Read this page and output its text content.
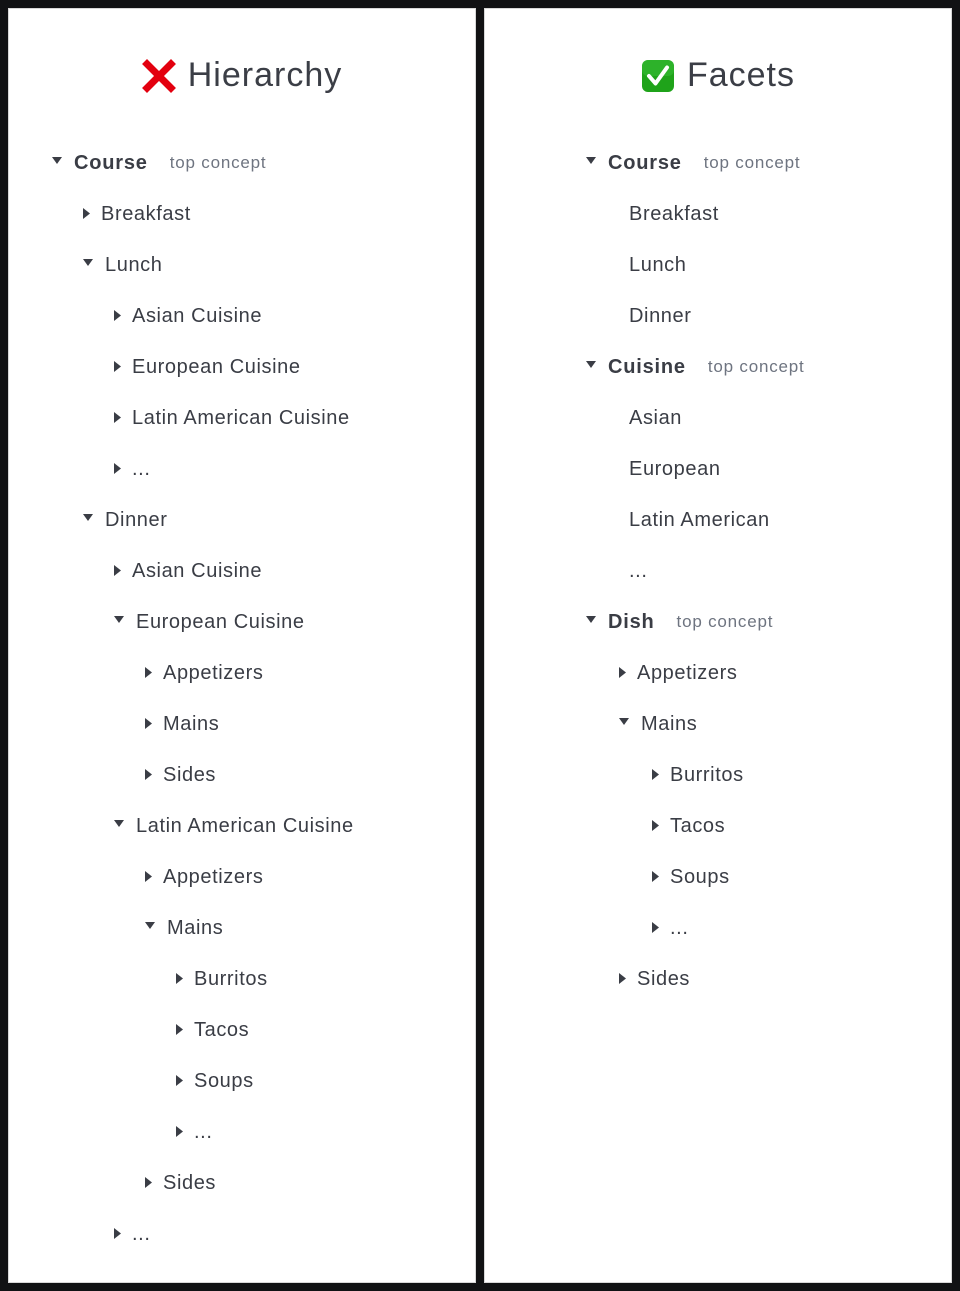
Hierarchy
Course top concept
Breakfast
Lunch
Asian Cuisine
European Cuisine
Latin American Cuisine
...
Dinner
Asian Cuisine
European Cuisine
Appetizers
Mains
Sides
Latin American Cuisine
Appetizers
Mains
Burritos
Tacos
Soups
...
Sides
...
Facets
Course top concept
Breakfast
Lunch
Dinner
Cuisine top concept
Asian
European
Latin American
...
Dish top concept
Appetizers
Mains
Burritos
Tacos
Soups
...
Sides
